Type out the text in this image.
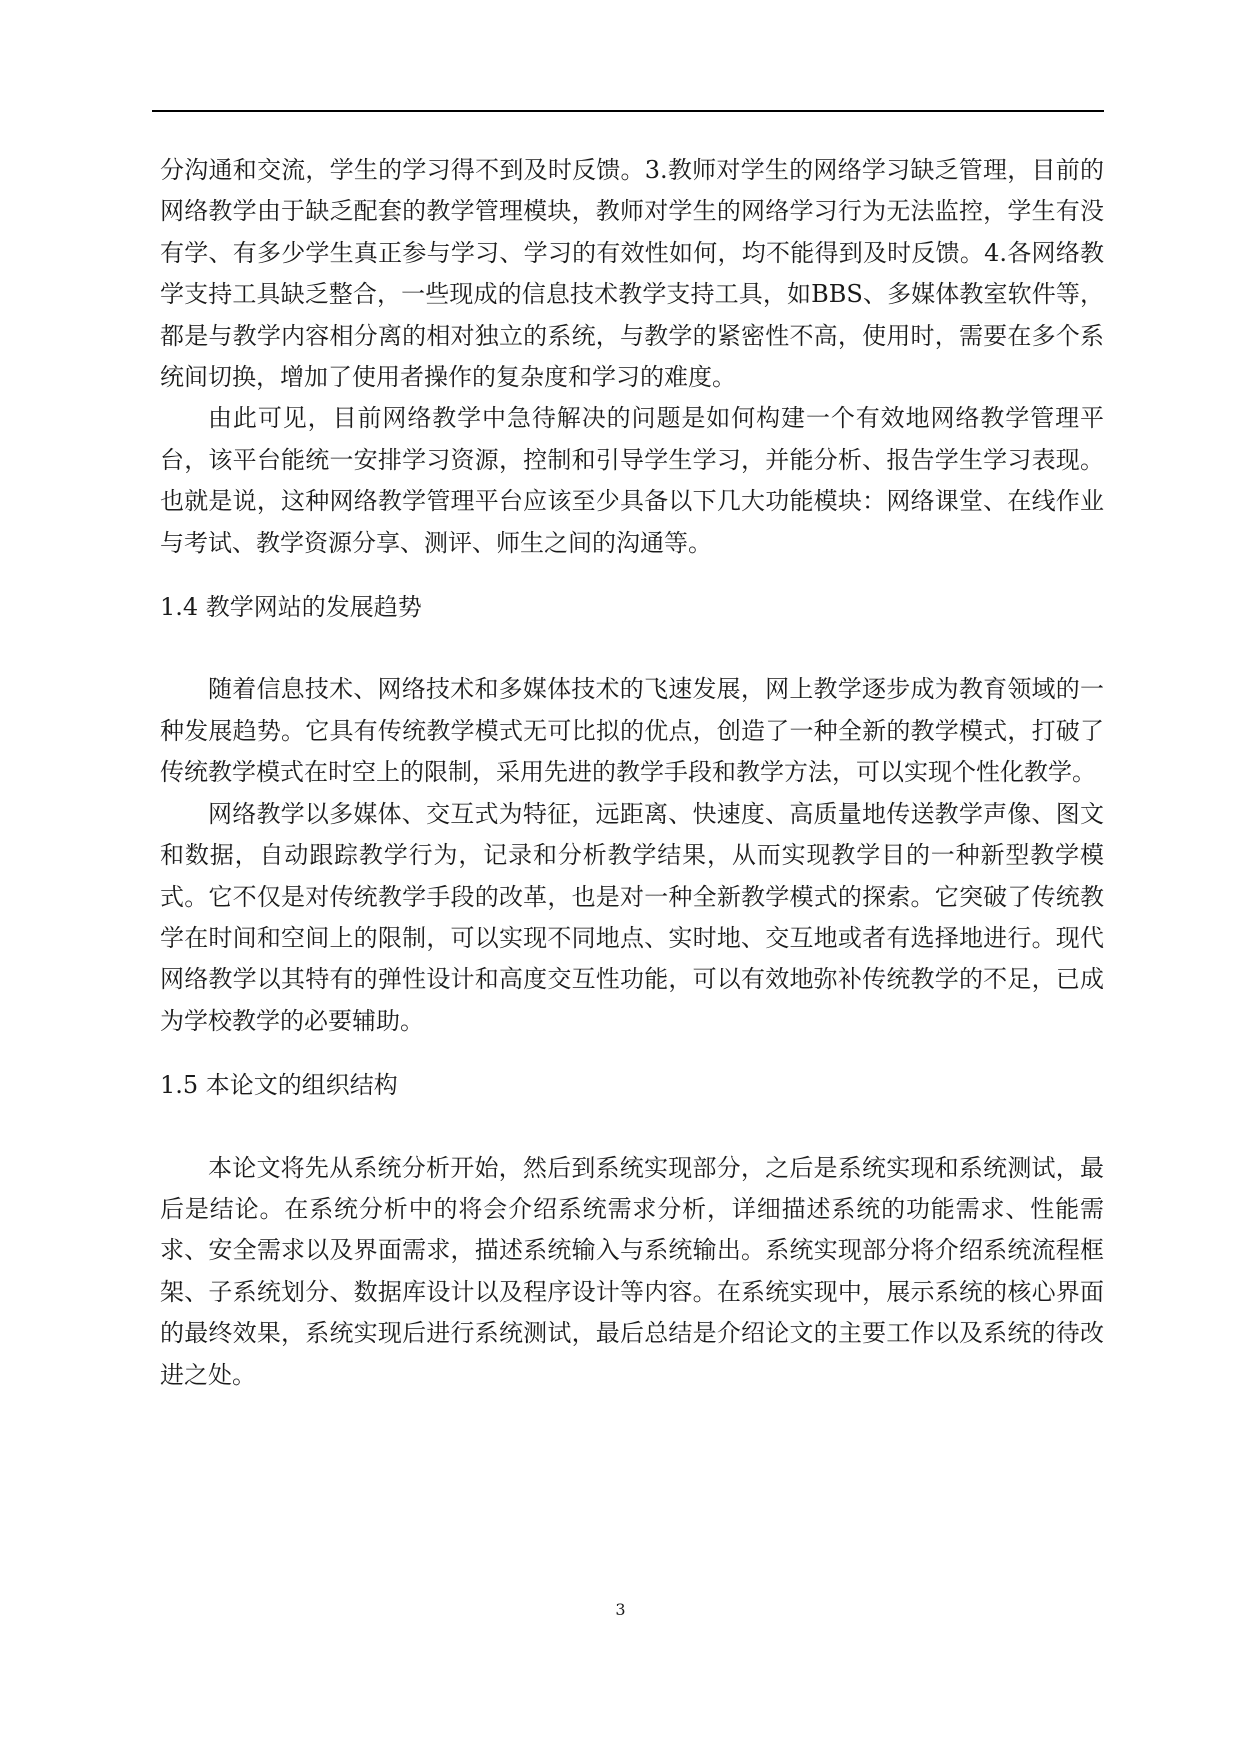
分沟通和交流，学生的学习得不到及时反馈。3.教师对学生的网络学习缺乏管理，目前的网络教学由于缺乏配套的教学管理模块，教师对学生的网络学习行为无法监控，学生有没有学、有多少学生真正参与学习、学习的有效性如何，均不能得到及时反馈。4.各网络教学支持工具缺乏整合，一些现成的信息技术教学支持工具，如BBS、多媒体教室软件等，都是与教学内容相分离的相对独立的系统，与教学的紧密性不高，使用时，需要在多个系统间切换，增加了使用者操作的复杂度和学习的难度。

由此可见，目前网络教学中急待解决的问题是如何构建一个有效地网络教学管理平台，该平台能统一安排学习资源，控制和引导学生学习，并能分析、报告学生学习表现。也就是说，这种网络教学管理平台应该至少具备以下几大功能模块：网络课堂、在线作业与考试、教学资源分享、测评、师生之间的沟通等。

1.4 教学网站的发展趋势

随着信息技术、网络技术和多媒体技术的飞速发展，网上教学逐步成为教育领域的一种发展趋势。它具有传统教学模式无可比拟的优点，创造了一种全新的教学模式，打破了传统教学模式在时空上的限制，采用先进的教学手段和教学方法，可以实现个性化教学。

网络教学以多媒体、交互式为特征，远距离、快速度、高质量地传送教学声像、图文和数据，自动跟踪教学行为，记录和分析教学结果，从而实现教学目的一种新型教学模式。它不仅是对传统教学手段的改革，也是对一种全新教学模式的探索。它突破了传统教学在时间和空间上的限制，可以实现不同地点、实时地、交互地或者有选择地进行。现代网络教学以其特有的弹性设计和高度交互性功能，可以有效地弥补传统教学的不足，已成为学校教学的必要辅助。

1.5 本论文的组织结构

本论文将先从系统分析开始，然后到系统实现部分，之后是系统实现和系统测试，最后是结论。在系统分析中的将会介绍系统需求分析，详细描述系统的功能需求、性能需求、安全需求以及界面需求，描述系统输入与系统输出。系统实现部分将介绍系统流程框架、子系统划分、数据库设计以及程序设计等内容。在系统实现中，展示系统的核心界面的最终效果，系统实现后进行系统测试，最后总结是介绍论文的主要工作以及系统的待改进之处。

3
